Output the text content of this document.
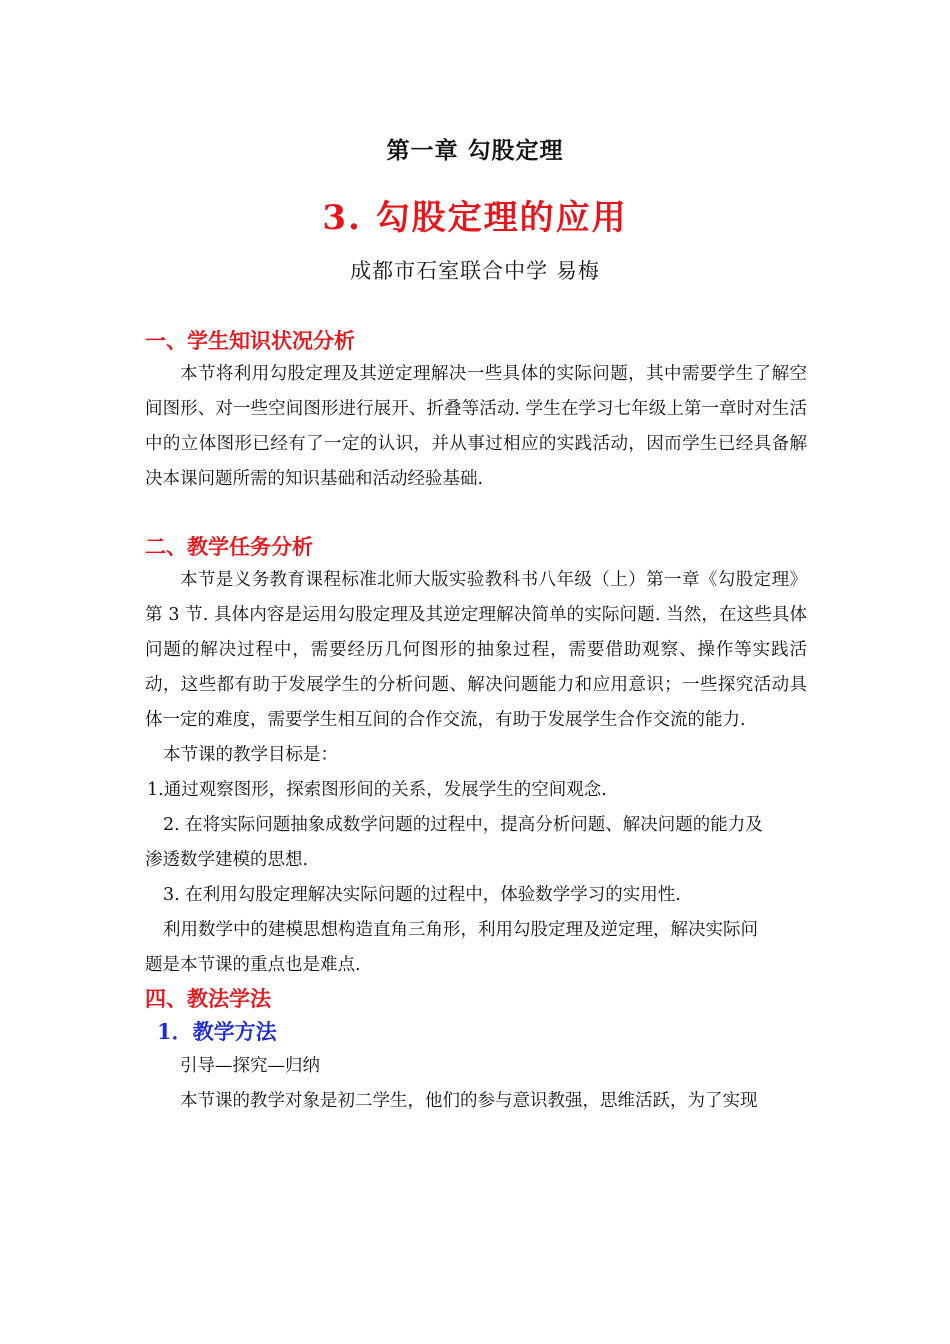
第一章 勾股定理
3. 勾股定理的应用
成都市石室联合中学 易梅
一、学生知识状况分析

本节将利用勾股定理及其逆定理解决一些具体的实际问题，其中需要学生了解空间图形、对一些空间图形进行展开、折叠等活动. 学生在学习七年级上第一章时对生活中的立体图形已经有了一定的认识，并从事过相应的实践活动，因而学生已经具备解决本课问题所需的知识基础和活动经验基础.

二、教学任务分析

本节是义务教育课程标准北师大版实验教科书八年级（上）第一章《勾股定理》第 3 节. 具体内容是运用勾股定理及其逆定理解决简单的实际问题. 当然，在这些具体问题的解决过程中，需要经历几何图形的抽象过程，需要借助观察、操作等实践活动，这些都有助于发展学生的分析问题、解决问题能力和应用意识；一些探究活动具体一定的难度，需要学生相互间的合作交流，有助于发展学生合作交流的能力.

本节课的教学目标是：

1.通过观察图形，探索图形间的关系，发展学生的空间观念.

2. 在将实际问题抽象成数学问题的过程中，提高分析问题、解决问题的能力及

渗透数学建模的思想.

3. 在利用勾股定理解决实际问题的过程中，体验数学学习的实用性.

利用数学中的建模思想构造直角三角形，利用勾股定理及逆定理，解决实际问

题是本节课的重点也是难点.

四、教法学法
1．教学方法

引导—探究—归纳

本节课的教学对象是初二学生，他们的参与意识教强，思维活跃，为了实现
